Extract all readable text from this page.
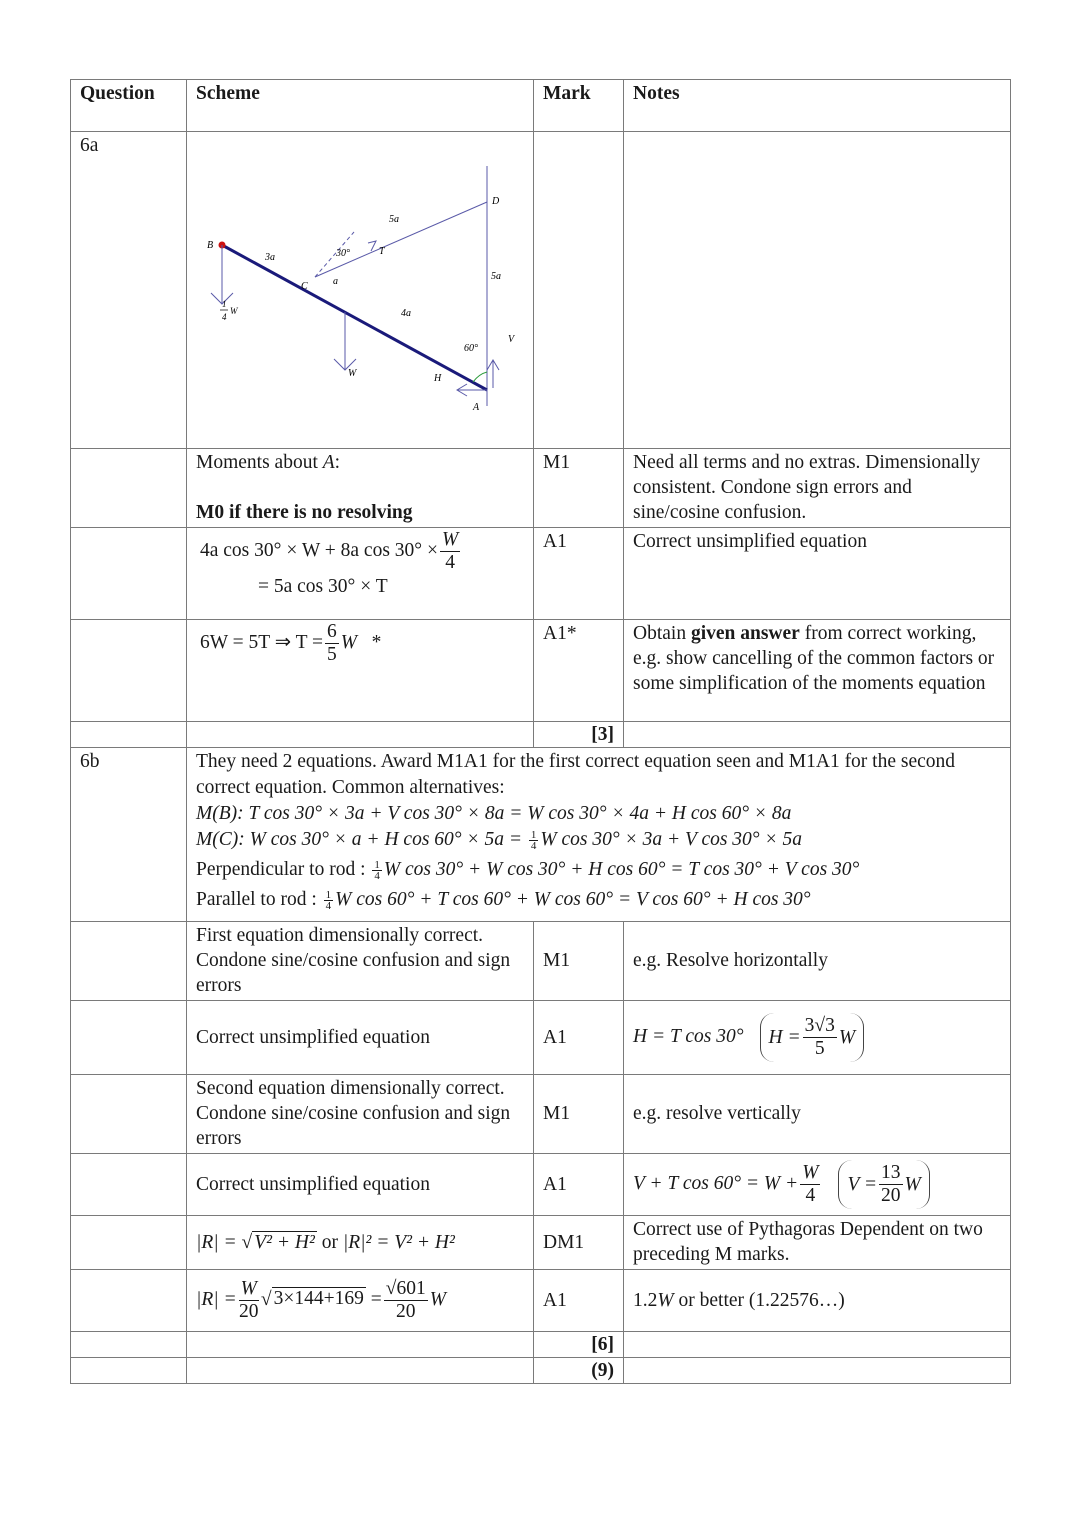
Question	Scheme	Mark	Notes
6a	
B
C
D
A
3a
a
4a
5a
5a
30°
60°
T
V
H
W
1
4
W

	Moments about A:

M0 if there is no resolving	M1	Need all terms and no extras. Dimensionally consistent. Condone sign errors and sine/cosine confusion.

	4a cos 30° × W + 8a $\cos 30^\circ \times \frac{W}{4}$
= 5a cos 30° × T	A1	Correct unsimplified equation

	6W = 5T ⇒ $T = \frac{6}{5}$ W *	A1*	Obtain given answer from correct working, e.g. show cancelling of the common factors or some simplification of the moments equation
		[3]	
6b	They need 2 equations. Award M1A1 for the first correct equation seen and M1A1 for the second correct equation. Common alternatives:
M(B): T cos 30° × 3a + V cos 30° × 8a = W cos 30° × 4a + H cos 60° × 8a
M(C): W cos 30° × a + H $\cos 60^\circ \times 5a = \frac{1}{4}$ W cos 30° × 3a + V cos 30° × 5a
Perpendicular to rod : $\frac{1}{4}$ W cos 30° + W cos 30° + H cos 60° = T cos 30° + V cos 30°
Parallel to rod : $\frac{1}{4}$ W cos 60° + T cos 60° + W cos 60° = V cos 60° + H cos 30°

	First equation dimensionally correct. Condone sine/cosine confusion and sign errors	M1	e.g. Resolve horizontally
	Correct unsimplified equation	A1	H = T cos 30° $H = \frac{3√3}{5}$ W

	Second equation dimensionally correct. Condone sine/cosine confusion and sign errors	M1	e.g. resolve vertically
	Correct unsimplified equation	A1	V + T $\cos 60^\circ = W + \frac{W}{4}$ $V = \frac{13}{20}$ W

	|R| = √ V² + H² or |R|² = V² + H²	DM1	Correct use of Pythagoras Dependent on two preceding M marks.
	$|R| = \frac{W}{20}$ √ $3\times 144+169 = \frac{√601}{20}$ W	A1	1.2W or better (1.22576…)
		[6]	
		(9)	
